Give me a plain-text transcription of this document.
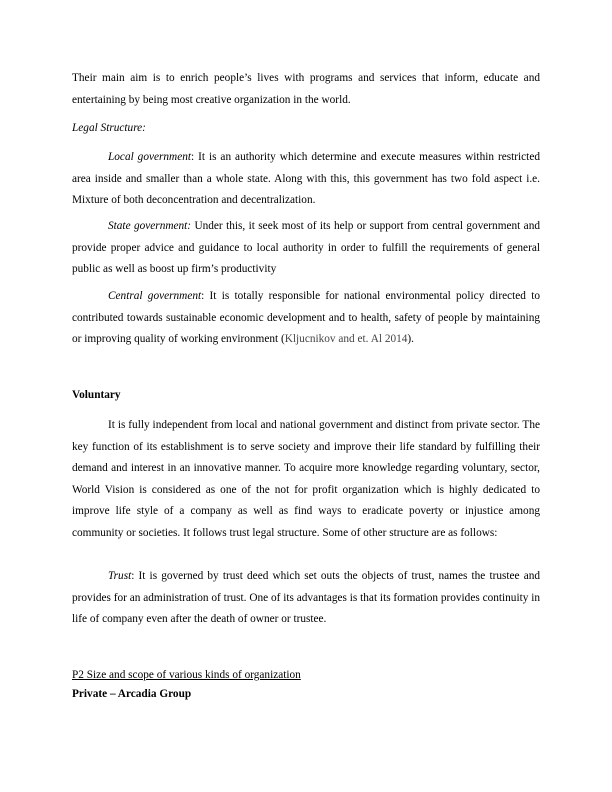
Their main aim is to enrich people’s lives with programs and services that inform, educate and entertaining by being most creative organization in the world.

Legal Structure:

Local government: It is an authority which determine and execute measures within restricted area inside and smaller than a whole state. Along with this, this government has two fold aspect i.e. Mixture of both deconcentration and decentralization.

State government: Under this, it seek most of its help or support from central government and provide proper advice and guidance to local authority in order to fulfill the requirements of general public as well as boost up firm’s productivity

Central government: It is totally responsible for national environmental policy directed to contributed towards sustainable economic development and to health, safety of people by maintaining or improving quality of working environment (Kljucnikov and et. Al 2014).

Voluntary

It is fully independent from local and national government and distinct from private sector. The key function of its establishment is to serve society and improve their life standard by fulfilling their demand and interest in an innovative manner. To acquire more knowledge regarding voluntary, sector, World Vision is considered as one of the not for profit organization which is highly dedicated to improve life style of a company as well as find ways to eradicate poverty or injustice among community or societies. It follows trust legal structure. Some of other structure are as follows:

Trust: It is governed by trust deed which set outs the objects of trust, names the trustee and provides for an administration of trust. One of its advantages is that its formation provides continuity in life of company even after the death of owner or trustee.

P2 Size and scope of various kinds of organization

Private – Arcadia Group
